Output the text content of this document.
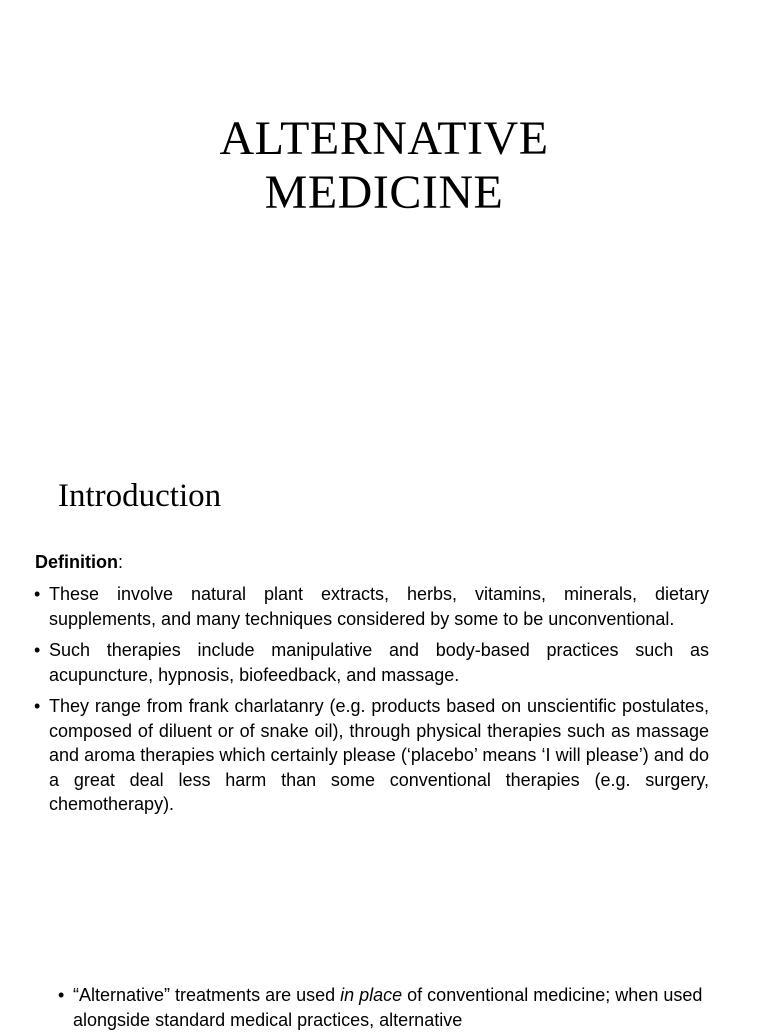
ALTERNATIVE
MEDICINE
Introduction
Definition:
• These involve natural plant extracts, herbs, vitamins, minerals, dietary supplements, and many techniques considered by some to be unconventional.
• Such therapies include manipulative and body-based practices such as acupuncture, hypnosis, biofeedback, and massage.
• They range from frank charlatanry (e.g. products based on unscientific postulates, composed of diluent or of snake oil), through physical therapies such as massage and aroma therapies which certainly please (‘placebo’ means ‘I will please’) and do a great deal less harm than some conventional therapies (e.g. surgery, chemotherapy).
• “Alternative” treatments are used in place of conventional medicine; when used alongside standard medical practices, alternative
